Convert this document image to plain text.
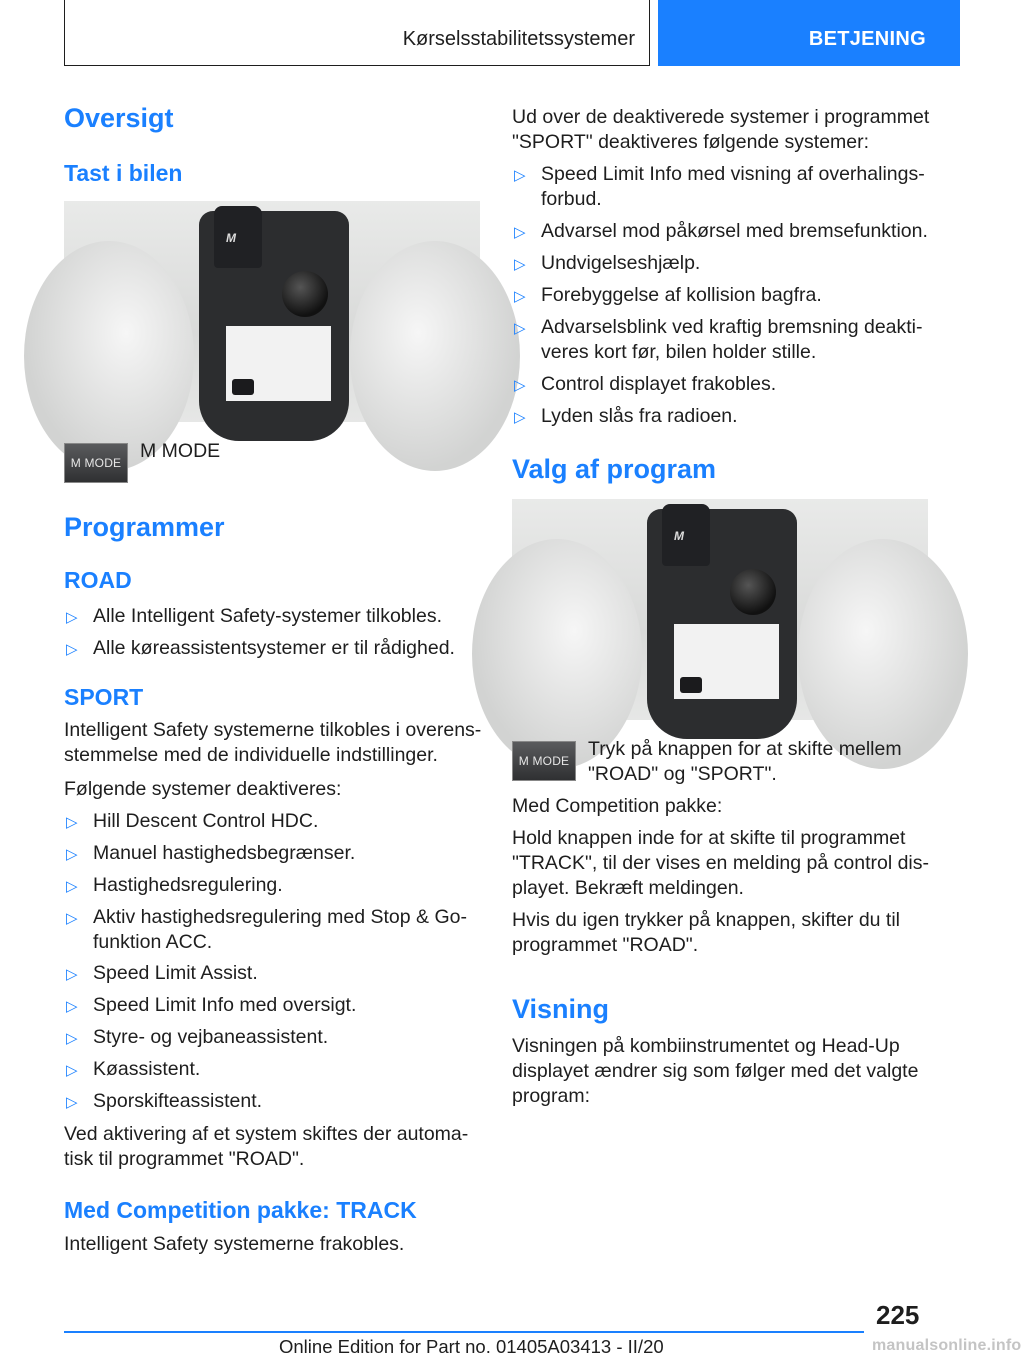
Kørselsstabilitetssystemer	BETJENING
Oversigt
Tast i bilen
M
M MODE
M MODE
Programmer
ROAD
▷ Alle Intelligent Safety-systemer tilkobles.
▷ Alle køreassistentsystemer er til rådighed.
SPORT
Intelligent Safety systemerne tilkobles i overensstemmelse med de individuelle indstillinger.
Følgende systemer deaktiveres:
▷ Hill Descent Control HDC.
▷ Manuel hastighedsbegrænser.
▷ Hastighedsregulering.
▷ Aktiv hastighedsregulering med Stop & Go-funktion ACC.
▷ Speed Limit Assist.
▷ Speed Limit Info med oversigt.
▷ Styre- og vejbaneassistent.
▷ Køassistent.
▷ Sporskifteassistent.
Ved aktivering af et system skiftes der automatisk til programmet "ROAD".
Med Competition pakke: TRACK
Intelligent Safety systemerne frakobles.
Ud over de deaktiverede systemer i programmet "SPORT" deaktiveres følgende systemer:
▷ Speed Limit Info med visning af overhalingsforbud.
▷ Advarsel mod påkørsel med bremsefunktion.
▷ Undvigelseshjælp.
▷ Forebyggelse af kollision bagfra.
▷ Advarselsblink ved kraftig bremsning deaktiveres kort før, bilen holder stille.
▷ Control displayet frakobles.
▷ Lyden slås fra radioen.
Valg af program
M
M MODE
Tryk på knappen for at skifte mellem "ROAD" og "SPORT".
Med Competition pakke:
Hold knappen inde for at skifte til programmet "TRACK", til der vises en melding på control displayet. Bekræft meldingen.
Hvis du igen trykker på knappen, skifter du til programmet "ROAD".
Visning
Visningen på kombiinstrumentet og Head-Up displayet ændrer sig som følger med det valgte program:
225
Online Edition for Part no. 01405A03413 - II/20	manualsonline.info
